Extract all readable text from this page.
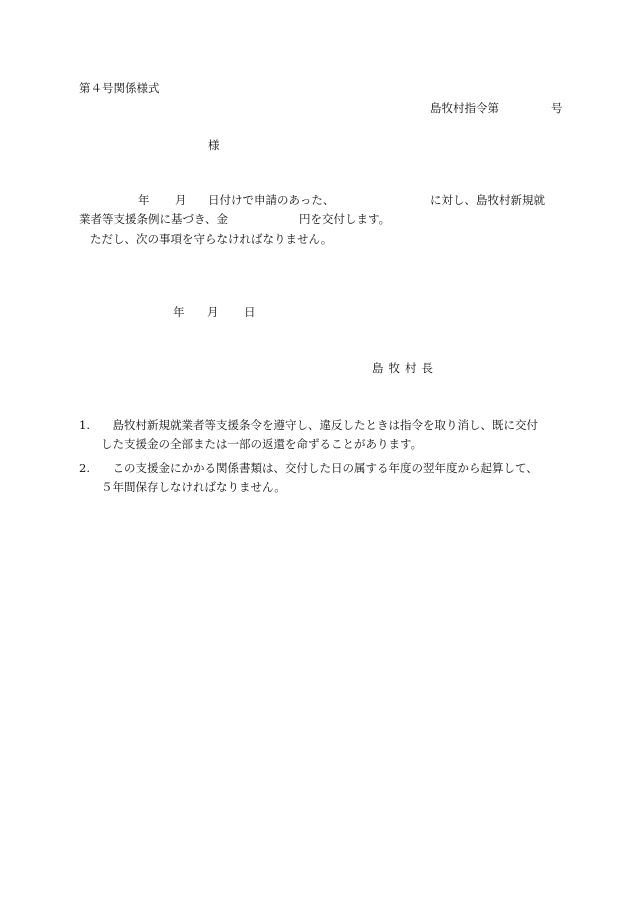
第４号関係様式
島牧村指令第	号
様
年 月 日付けで申請のあった、	に対し、島牧村新規就
業者等支援条例に基づき、金	円を交付します。
ただし、次の事項を守らなければなりません。
年 月 日
島牧村長
1.	島牧村新規就業者等支援条令を遵守し、違反したときは指令を取り消し、既に交付した支援金の全部または一部の返還を命ずることがあります。
2.	この支援金にかかる関係書類は、交付した日の属する年度の翌年度から起算して、５年間保存しなければなりません。
